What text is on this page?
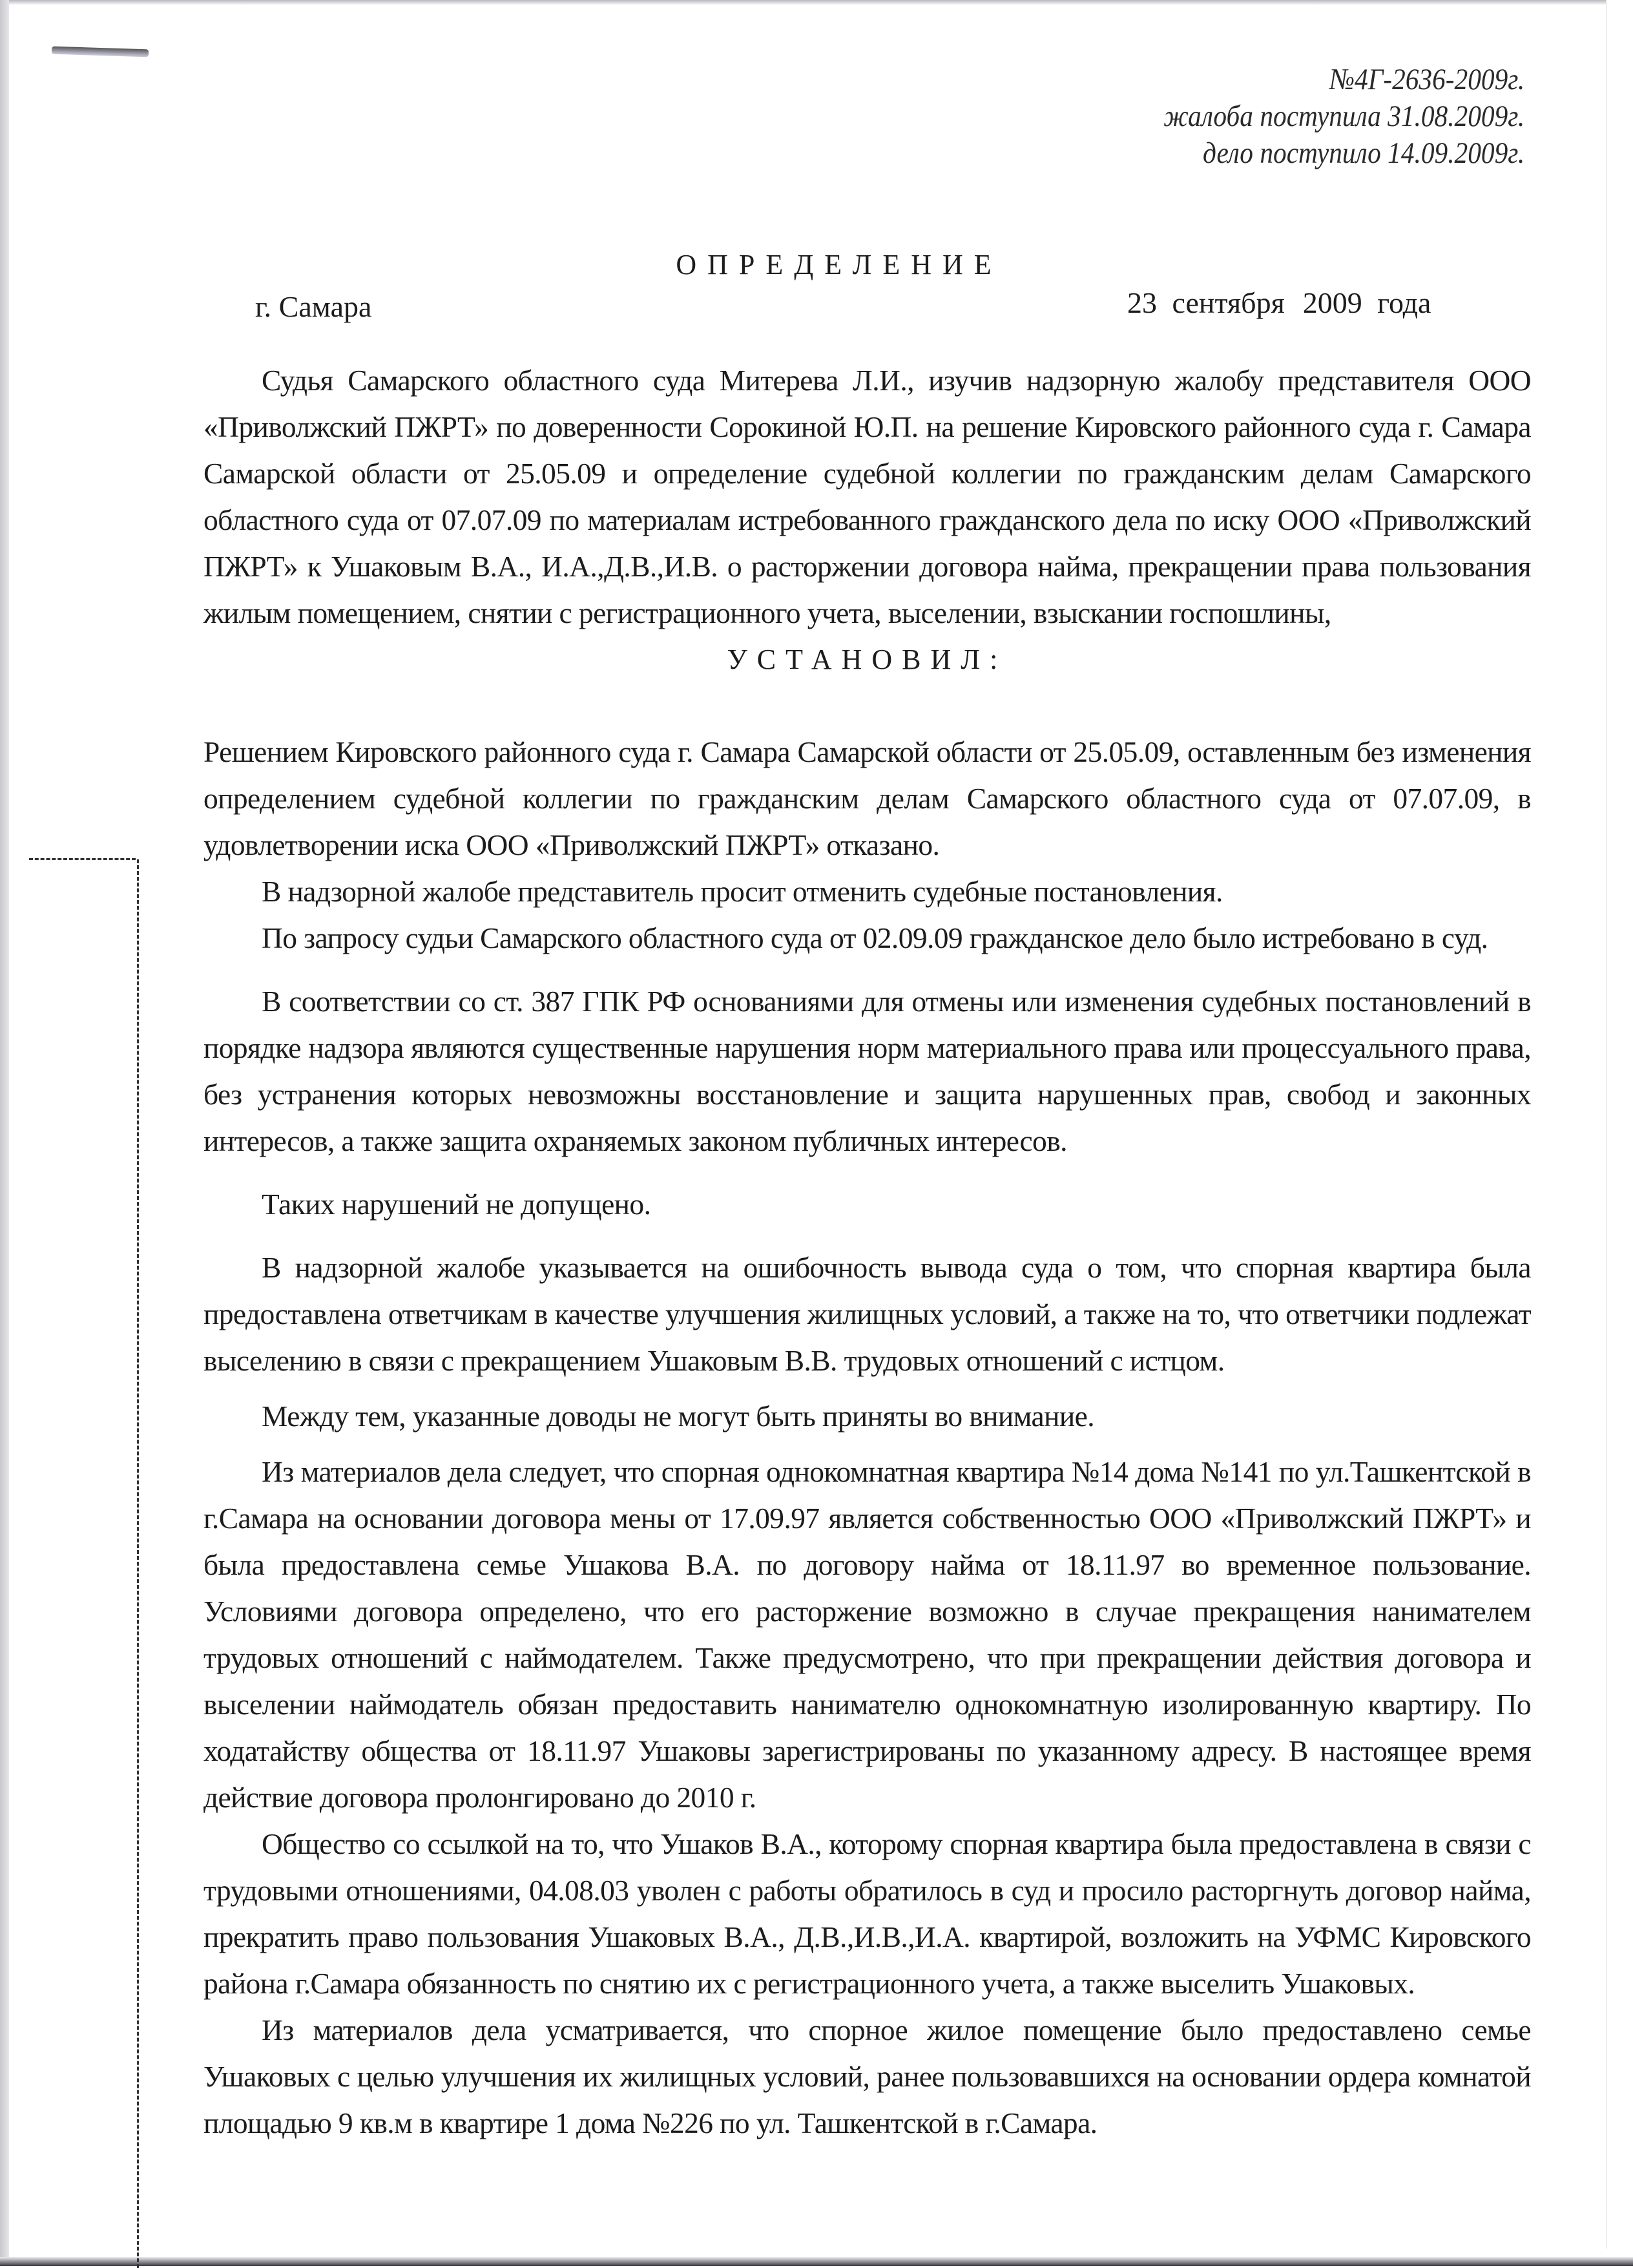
№4Г-2636-2009г.
жалоба поступила 31.08.2009г.
дело поступило 14.09.2009г.
ОПРЕДЕЛЕНИЕ
г. Самара	23 сентября 2009 года

Судья Самарского областного суда Митерева Л.И., изучив надзорную жалобу представителя ООО «Приволжский ПЖРТ» по доверенности Сорокиной Ю.П. на решение Кировского районного суда г. Самара Самарской области от 25.05.09 и определение судебной коллегии по гражданским делам Самарского областного суда от 07.07.09 по материалам истребованного гражданского дела по иску ООО «Приволжский ПЖРТ» к Ушаковым В.А., И.А.,Д.В.,И.В. о расторжении договора найма, прекращении права пользования жилым помещением, снятии с регистрационного учета, выселении, взыскании госпошлины,

УСТАНОВИЛ:

Решением Кировского районного суда г. Самара Самарской области от 25.05.09, оставленным без изменения определением судебной коллегии по гражданским делам Самарского областного суда от 07.07.09, в удовлетворении иска ООО «Приволжский ПЖРТ» отказано.

В надзорной жалобе представитель просит отменить судебные постановления.

По запросу судьи Самарского областного суда от 02.09.09 гражданское дело было истребовано в суд.

В соответствии со ст. 387 ГПК РФ основаниями для отмены или изменения судебных постановлений в порядке надзора являются существенные нарушения норм материального права или процессуального права, без устранения которых невозможны восстановление и защита нарушенных прав, свобод и законных интересов, а также защита охраняемых законом публичных интересов.

Таких нарушений не допущено.

В надзорной жалобе указывается на ошибочность вывода суда о том, что спорная квартира была предоставлена ответчикам в качестве улучшения жилищных условий, а также на то, что ответчики подлежат выселению в связи с прекращением Ушаковым В.В. трудовых отношений с истцом.

Между тем, указанные доводы не могут быть приняты во внимание.

Из материалов дела следует, что спорная однокомнатная квартира №14 дома №141 по ул.Ташкентской в г.Самара на основании договора мены от 17.09.97 является собственностью ООО «Приволжский ПЖРТ» и была предоставлена семье Ушакова В.А. по договору найма от 18.11.97 во временное пользование. Условиями договора определено, что его расторжение возможно в случае прекращения нанимателем трудовых отношений с наймодателем. Также предусмотрено, что при прекращении действия договора и выселении наймодатель обязан предоставить нанимателю однокомнатную изолированную квартиру. По ходатайству общества от 18.11.97 Ушаковы зарегистрированы по указанному адресу. В настоящее время действие договора пролонгировано до 2010 г.

Общество со ссылкой на то, что Ушаков В.А., которому спорная квартира была предоставлена в связи с трудовыми отношениями, 04.08.03 уволен с работы обратилось в суд и просило расторгнуть договор найма, прекратить право пользования Ушаковых В.А., Д.В.,И.В.,И.А. квартирой, возложить на УФМС Кировского района г.Самара обязанность по снятию их с регистрационного учета, а также выселить Ушаковых.

Из материалов дела усматривается, что спорное жилое помещение было предоставлено семье Ушаковых с целью улучшения их жилищных условий, ранее пользовавшихся на основании ордера комнатой площадью 9 кв.м в квартире 1 дома №226 по ул. Ташкентской в г.Самара.
